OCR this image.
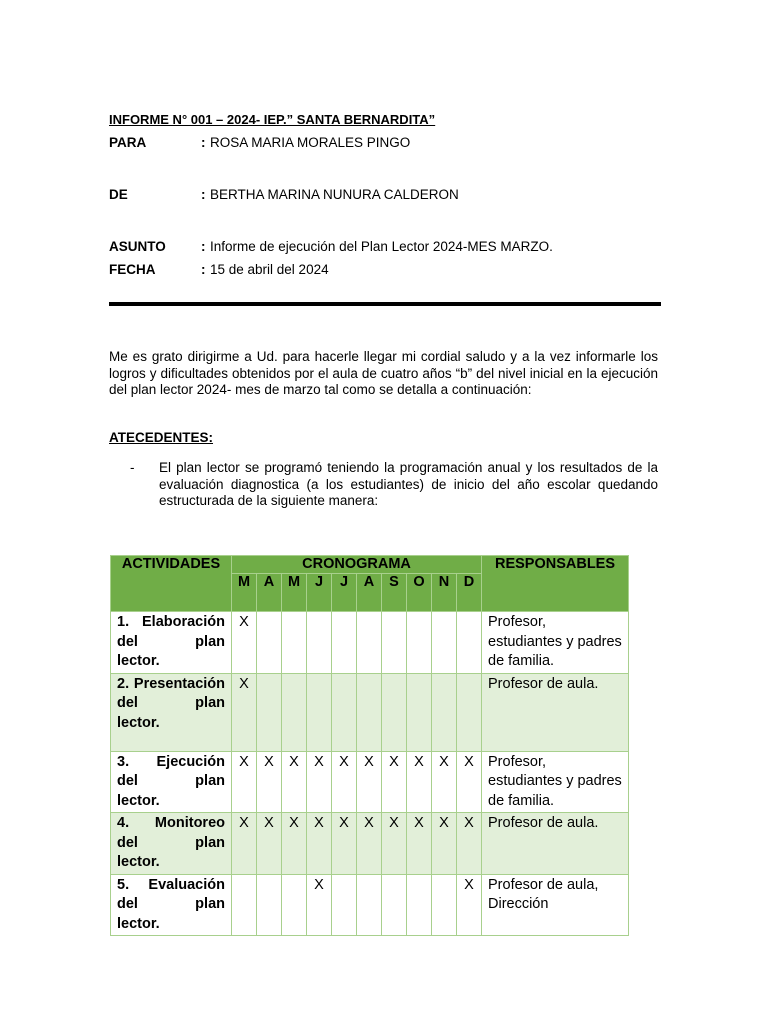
INFORME N° 001 – 2024- IEP.” SANTA BERNARDITA”
PARA	: ROSA MARIA MORALES PINGO
DE	: BERTHA MARINA NUNURA CALDERON
ASUNTO	: Informe de ejecución del Plan Lector 2024-MES MARZO.
FECHA	: 15 de abril del 2024
Me es grato dirigirme a Ud. para hacerle llegar mi cordial saludo y a la vez informarle los logros y dificultades obtenidos por el aula de cuatro años “b” del nivel inicial en la ejecución del plan lector 2024- mes de marzo tal como se detalla a continuación:
ATECEDENTES:
- El plan lector se programó teniendo la programación anual y los resultados de la evaluación diagnostica (a los estudiantes) de inicio del año escolar quedando estructurada de la siguiente manera:
ACTIVIDADES	CRONOGRAMA										RESPONSABLES
	M	A	M	J	J	A	S	O	N	D	

1. Elaboración del plan
lector.	X										Profesor, estudiantes y padres de familia.

2. Presentación del plan
lector.	X										Profesor de aula.

3. Ejecución del plan
lector.	X	X	X	X	X	X	X	X	X	X	Profesor, estudiantes y padres de familia.

4. Monitoreo del plan
lector.	X	X	X	X	X	X	X	X	X	X	Profesor de aula.

5. Evaluación del plan
lector.				X						X	Profesor de aula, Dirección
